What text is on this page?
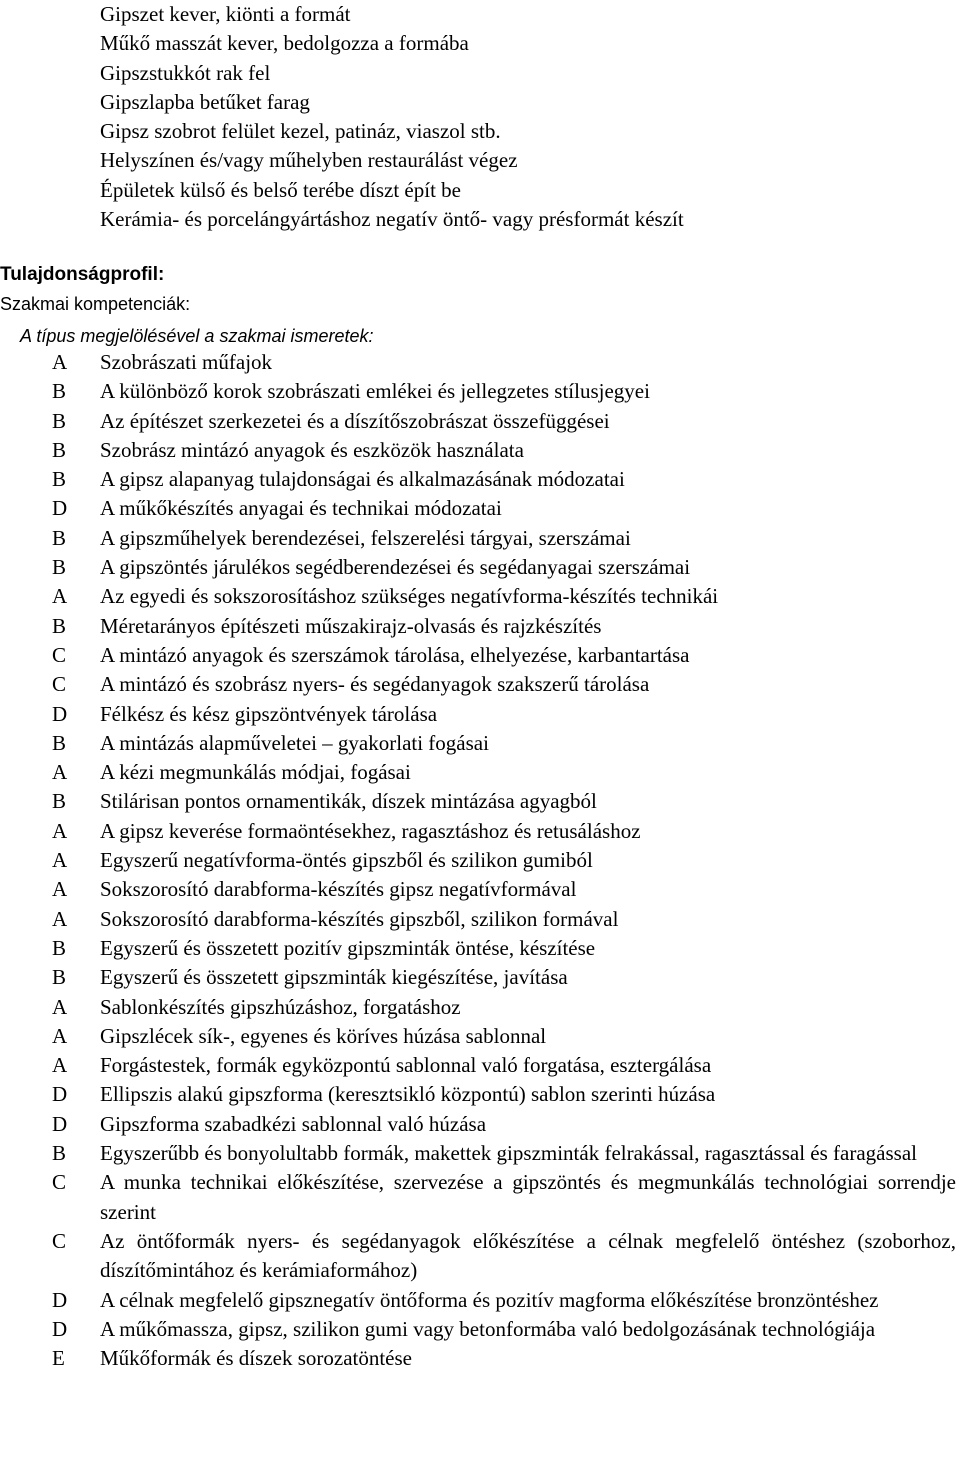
Gipszet kever, kiönti a formát
Műkő masszát kever, bedolgozza a formába
Gipszstukkót rak fel
Gipszlapba betűket farag
Gipsz szobrot felület kezel, patináz, viaszol stb.
Helyszínen és/vagy műhelyben restaurálást végez
Épületek külső és belső terébe díszt épít be
Kerámia- és porcelángyártáshoz negatív öntő- vagy présformát készít
Tulajdonságprofil:
Szakmai kompetenciák:
A típus megjelölésével a szakmai ismeretek:
A	Szobrászati műfajok
B	A különböző korok szobrászati emlékei és jellegzetes stílusjegyei
B	Az építészet szerkezetei és a díszítőszobrászat összefüggései
B	Szobrász mintázó anyagok és eszközök használata
B	A gipsz alapanyag tulajdonságai és alkalmazásának módozatai
D	A műkőkészítés anyagai és technikai módozatai
B	A gipszműhelyek berendezései, felszerelési tárgyai, szerszámai
B	A gipszöntés járulékos segédberendezései és segédanyagai szerszámai
A	Az egyedi és sokszorosításhoz szükséges negatívforma-készítés technikái
B	Méretarányos építészeti műszakirajz-olvasás és rajzkészítés
C	A mintázó anyagok és szerszámok tárolása, elhelyezése, karbantartása
C	A mintázó és szobrász nyers- és segédanyagok szakszerű tárolása
D	Félkész és kész gipszöntvények tárolása
B	A mintázás alapműveletei – gyakorlati fogásai
A	A kézi megmunkálás módjai, fogásai
B	Stilárisan pontos ornamentikák, díszek mintázása agyagból
A	A gipsz keverése formaöntésekhez, ragasztáshoz és retusáláshoz
A	Egyszerű negatívforma-öntés gipszből és szilikon gumiból
A	Sokszorosító darabforma-készítés gipsz negatívformával
A	Sokszorosító darabforma-készítés gipszből, szilikon formával
B	Egyszerű és összetett pozitív gipszminták öntése, készítése
B	Egyszerű és összetett gipszminták kiegészítése, javítása
A	Sablonkészítés gipszhúzáshoz, forgatáshoz
A	Gipszlécek sík-, egyenes és köríves húzása sablonnal
A	Forgástestek, formák egyközpontú sablonnal való forgatása, esztergálása
D	Ellipszis alakú gipszforma (keresztsikló központú) sablon szerinti húzása
D	Gipszforma szabadkézi sablonnal való húzása
B	Egyszerűbb és bonyolultabb formák, makettek gipszminták felrakással, ragasztással és faragással
C	A munka technikai előkészítése, szervezése a gipszöntés és megmunkálás technológiai sorrendje szerint
C	Az öntőformák nyers- és segédanyagok előkészítése a célnak megfelelő öntéshez (szoborhoz, díszítőmintához és kerámiaformához)
D	A célnak megfelelő gipsznegatív öntőforma és pozitív magforma előkészítése bronzöntéshez
D	A műkőmassza, gipsz, szilikon gumi vagy betonformába való bedolgozásának technológiája
E	Műkőformák és díszek sorozatöntése
